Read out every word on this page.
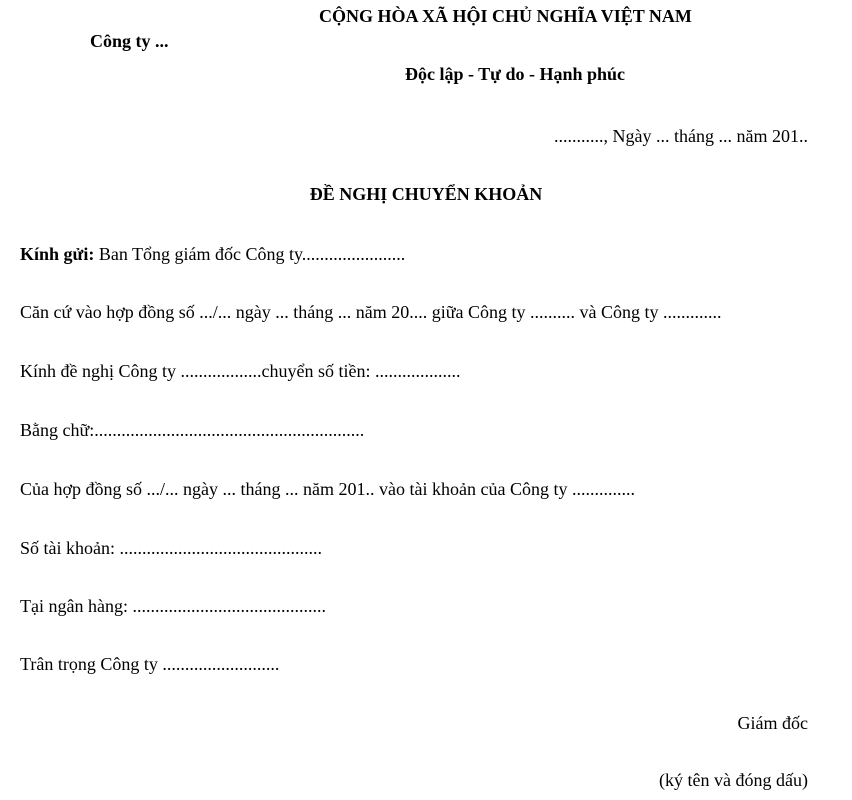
Công ty ...
CỘNG HÒA XÃ HỘI CHỦ NGHĨA VIỆT NAM
Độc lập - Tự do - Hạnh phúc
..........., Ngày ... tháng ... năm 201..
ĐỀ NGHỊ CHUYỂN KHOẢN
Kính gửi: Ban Tổng giám đốc Công ty.......................
Căn cứ vào hợp đồng số .../... ngày ... tháng ... năm 20.... giữa Công ty .......... và Công ty .............
Kính đề nghị Công ty ..................chuyển số tiền: ...................
Bằng chữ:............................................................
Của hợp đồng số .../... ngày ... tháng ... năm 201.. vào tài khoản của Công ty ..............
Số tài khoản: .............................................
Tại ngân hàng: ...........................................
Trân trọng Công ty ..........................
Giám đốc
(ký tên và đóng dấu)
